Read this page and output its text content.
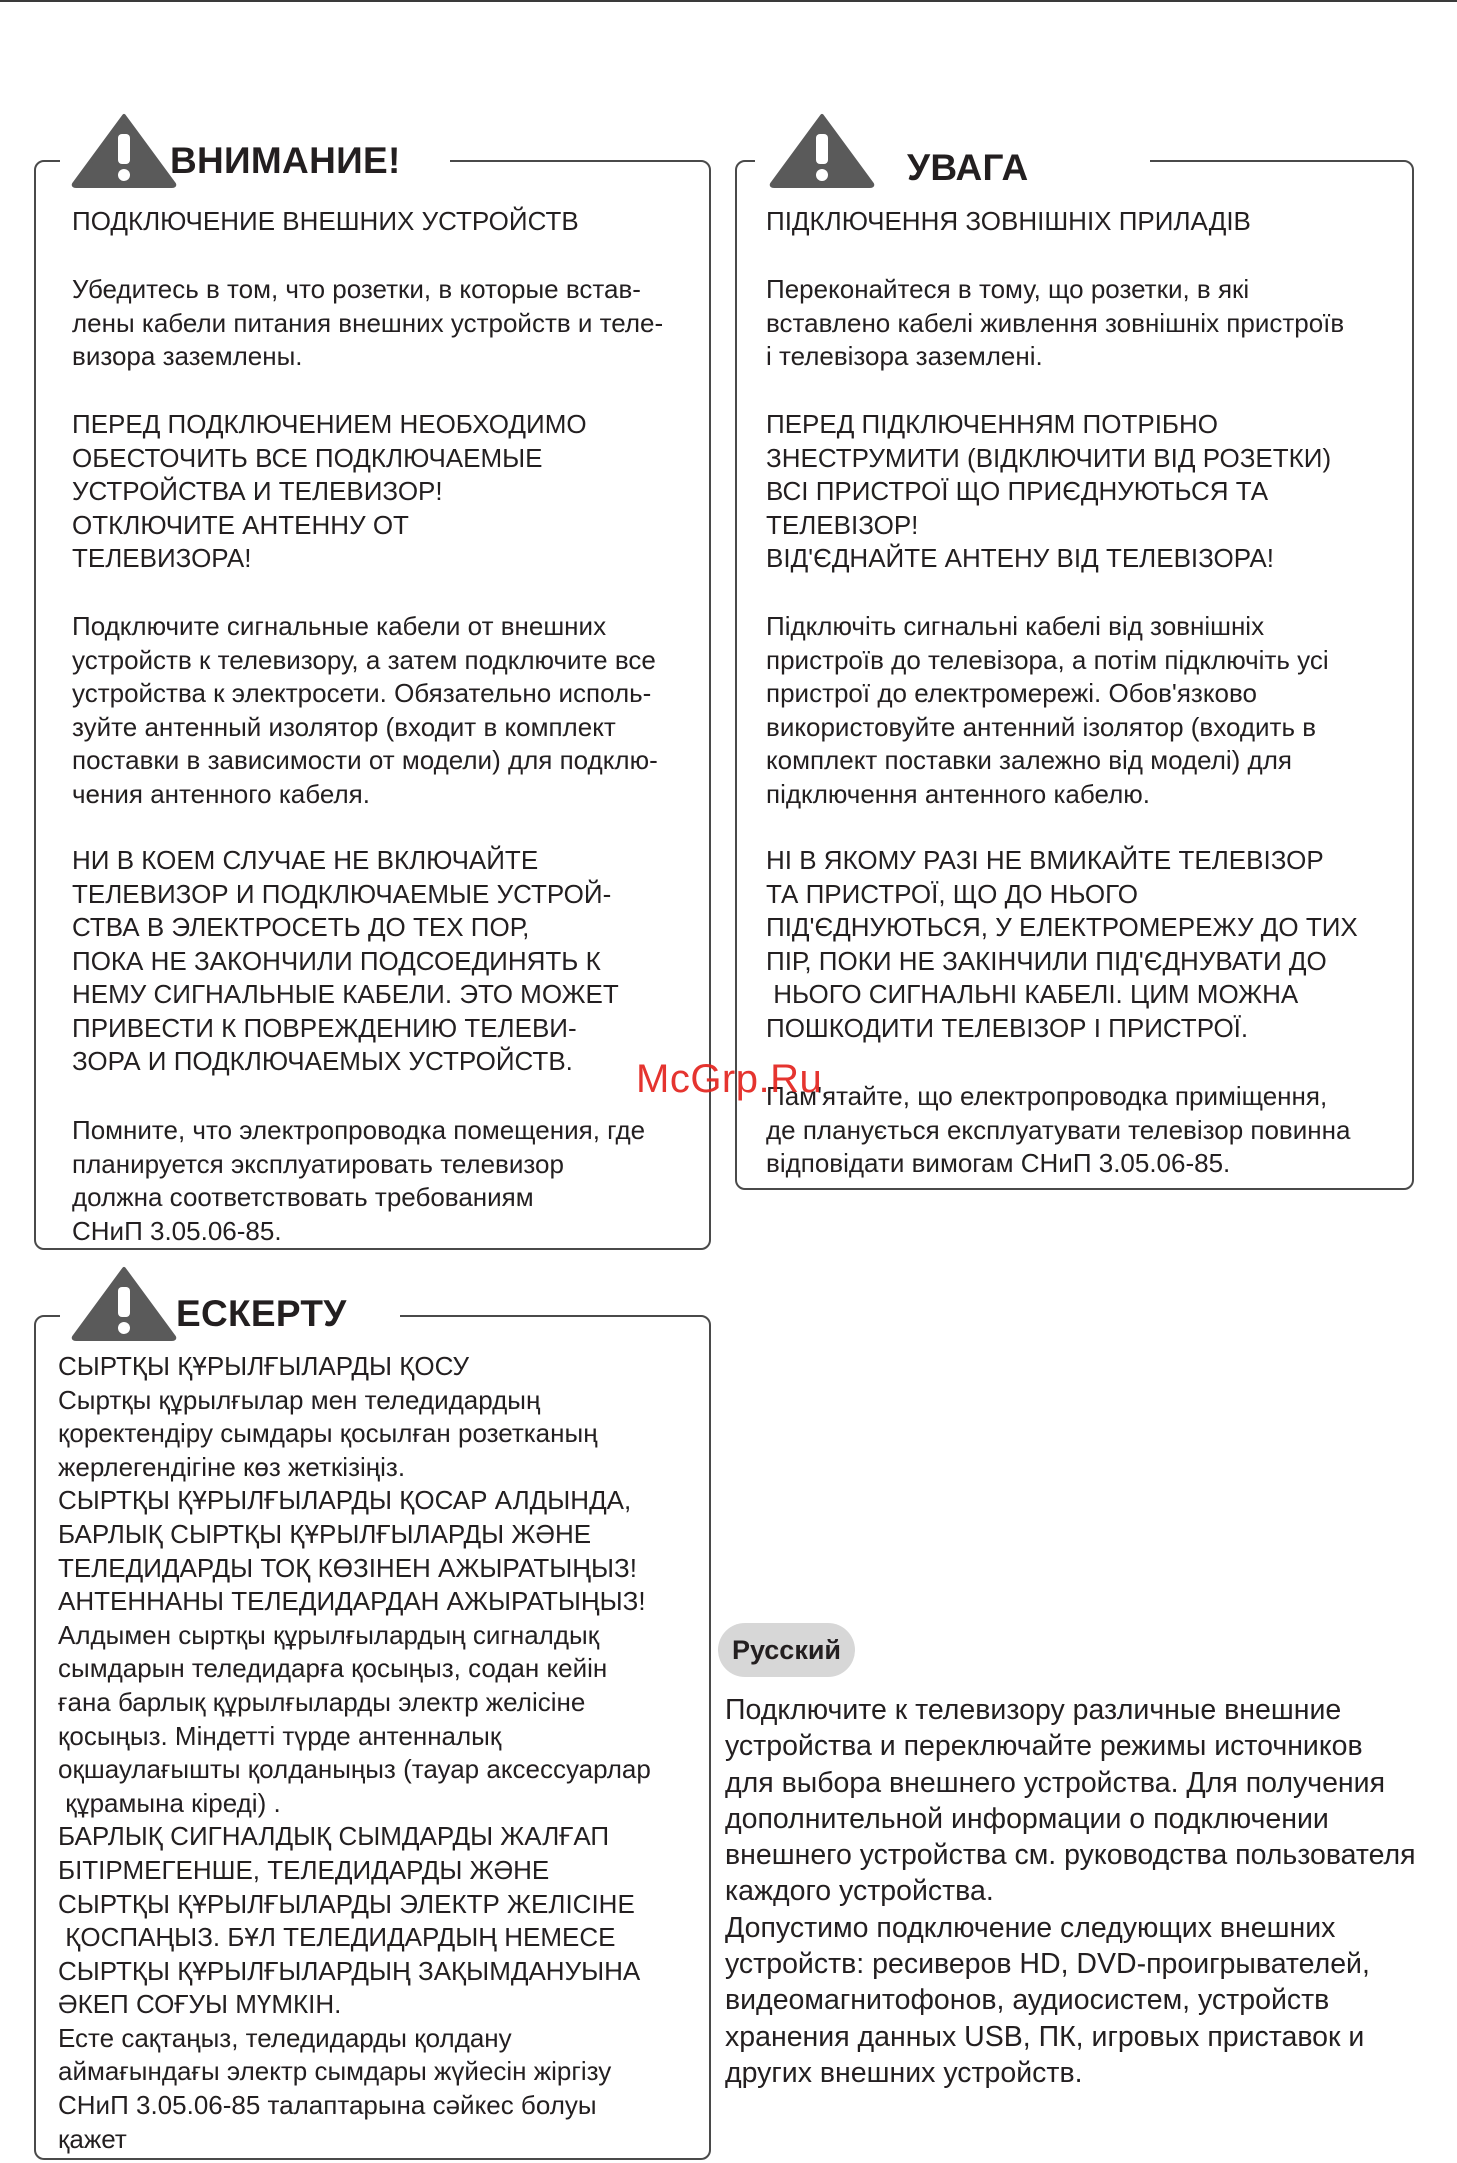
ВНИМАНИЕ!

ПОДКЛЮЧЕНИЕ ВНЕШНИХ УСТРОЙСТВ

Убедитесь в том, что розетки, в которые встав-
лены кабели питания внешних устройств и теле-
визора заземлены.

ПЕРЕД ПОДКЛЮЧЕНИЕМ НЕОБХОДИМО
ОБЕСТОЧИТЬ ВСЕ ПОДКЛЮЧАЕМЫЕ
УСТРОЙСТВА И ТЕЛЕВИЗОР!
ОТКЛЮЧИТЕ АНТЕННУ ОТ
ТЕЛЕВИЗОРА!

Подключите сигнальные кабели от внешних
устройств к телевизору, а затем подключите все
устройства к электросети. Обязательно исполь-
зуйте антенный изолятор (входит в комплект
поставки в зависимости от модели) для подклю-
чения антенного кабеля.

НИ В КОЕМ СЛУЧАЕ НЕ ВКЛЮЧАЙТЕ
ТЕЛЕВИЗОР И ПОДКЛЮЧАЕМЫЕ УСТРОЙ-
СТВА В ЭЛЕКТРОСЕТЬ ДО ТЕХ ПОР,
ПОКА НЕ ЗАКОНЧИЛИ ПОДСОЕДИНЯТЬ К
НЕМУ СИГНАЛЬНЫЕ КАБЕЛИ. ЭТО МОЖЕТ
ПРИВЕСТИ К ПОВРЕЖДЕНИЮ ТЕЛЕВИ-
ЗОРА И ПОДКЛЮЧАЕМЫХ УСТРОЙСТВ.

Помните, что электропроводка помещения, где
планируется эксплуатировать телевизор
должна соответствовать требованиям
СНиП 3.05.06-85.

УВАГА

ПІДКЛЮЧЕННЯ ЗОВНІШНІХ ПРИЛАДІВ

Переконайтеся в тому, що розетки, в які
вставлено кабелі живлення зовнішніх пристроїв
і телевізора заземлені.

ПЕРЕД ПІДКЛЮЧЕННЯМ ПОТРІБНО
ЗНЕСТРУМИТИ (ВІДКЛЮЧИТИ ВІД РОЗЕТКИ)
ВСІ ПРИСТРОЇ ЩО ПРИЄДНУЮТЬСЯ ТА
ТЕЛЕВІЗОР!
ВІД'ЄДНАЙТЕ АНТЕНУ ВІД ТЕЛЕВІЗОРА!

Підключіть сигнальні кабелі від зовнішніх
пристроїв до телевізора, а потім підключіть усі
пристрої до електромережі. Обов'язково
використовуйте антенний ізолятор (входить в
комплект поставки залежно від моделі) для
підключення антенного кабелю.

НІ В ЯКОМУ РАЗІ НЕ ВМИКАЙТЕ ТЕЛЕВІЗОР
ТА ПРИСТРОЇ, ЩО ДО НЬОГО
ПІД'ЄДНУЮТЬСЯ, У ЕЛЕКТРОМЕРЕЖУ ДО ТИХ
ПІР, ПОКИ НЕ ЗАКІНЧИЛИ ПІД'ЄДНУВАТИ ДО
НЬОГО СИГНАЛЬНІ КАБЕЛІ. ЦИМ МОЖНА
ПОШКОДИТИ ТЕЛЕВІЗОР І ПРИСТРОЇ.

Пам'ятайте, що електропроводка приміщення,
де планується експлуатувати телевізор повинна
відповідати вимогам СНиП 3.05.06-85.

ЕСКЕРТУ

СЫРТҚЫ ҚҰРЫЛҒЫЛАРДЫ ҚОСУ
Сыртқы құрылғылар мен теледидардың
қоректендіру сымдары қосылған розетканың
жерлегендігіне көз жеткізіңіз.
СЫРТҚЫ ҚҰРЫЛҒЫЛАРДЫ ҚОСАР АЛДЫНДА,
БАРЛЫҚ СЫРТҚЫ ҚҰРЫЛҒЫЛАРДЫ ЖӘНЕ
ТЕЛЕДИДАРДЫ ТОҚ КӨЗІНЕН АЖЫРАТЫҢЫЗ!
АНТЕННАНЫ ТЕЛЕДИДАРДАН АЖЫРАТЫҢЫЗ!
Алдымен сыртқы құрылғылардың сигналдық
сымдарын теледидарға қосыңыз, содан кейін
ғана барлық құрылғыларды электр желісіне
қосыңыз. Міндетті түрде антенналық
оқшаулағышты қолданыңыз (тауар аксессуарлар
құрамына кіреді) .
БАРЛЫҚ СИГНАЛДЫҚ СЫМДАРДЫ ЖАЛҒАП
БІТІРМЕГЕНШЕ, ТЕЛЕДИДАРДЫ ЖӘНЕ
СЫРТҚЫ ҚҰРЫЛҒЫЛАРДЫ ЭЛЕКТР ЖЕЛІСІНЕ
ҚОСПАҢЫЗ. БҰЛ ТЕЛЕДИДАРДЫҢ НЕМЕСЕ
СЫРТҚЫ ҚҰРЫЛҒЫЛАРДЫҢ ЗАҚЫМДАНУЫНА
ӘКЕП СОҒУЫ МҮМКІН.
Есте сақтаңыз, теледидарды қолдану
аймағындағы электр сымдары жүйесін жіргізу
СНиП 3.05.06-85 талаптарына сәйкес болуы
қажет

Русский

Подключите к телевизору различные внешние
устройства и переключайте режимы источников
для выбора внешнего устройства. Для получения
дополнительной информации о подключении
внешнего устройства см. руководства пользователя
каждого устройства.
Допустимо подключение следующих внешних
устройств: ресиверов HD, DVD-проигрывателей,
видеомагнитофонов, аудиосистем, устройств
хранения данных USB, ПК, игровых приставок и
других внешних устройств.

McGrp.Ru
